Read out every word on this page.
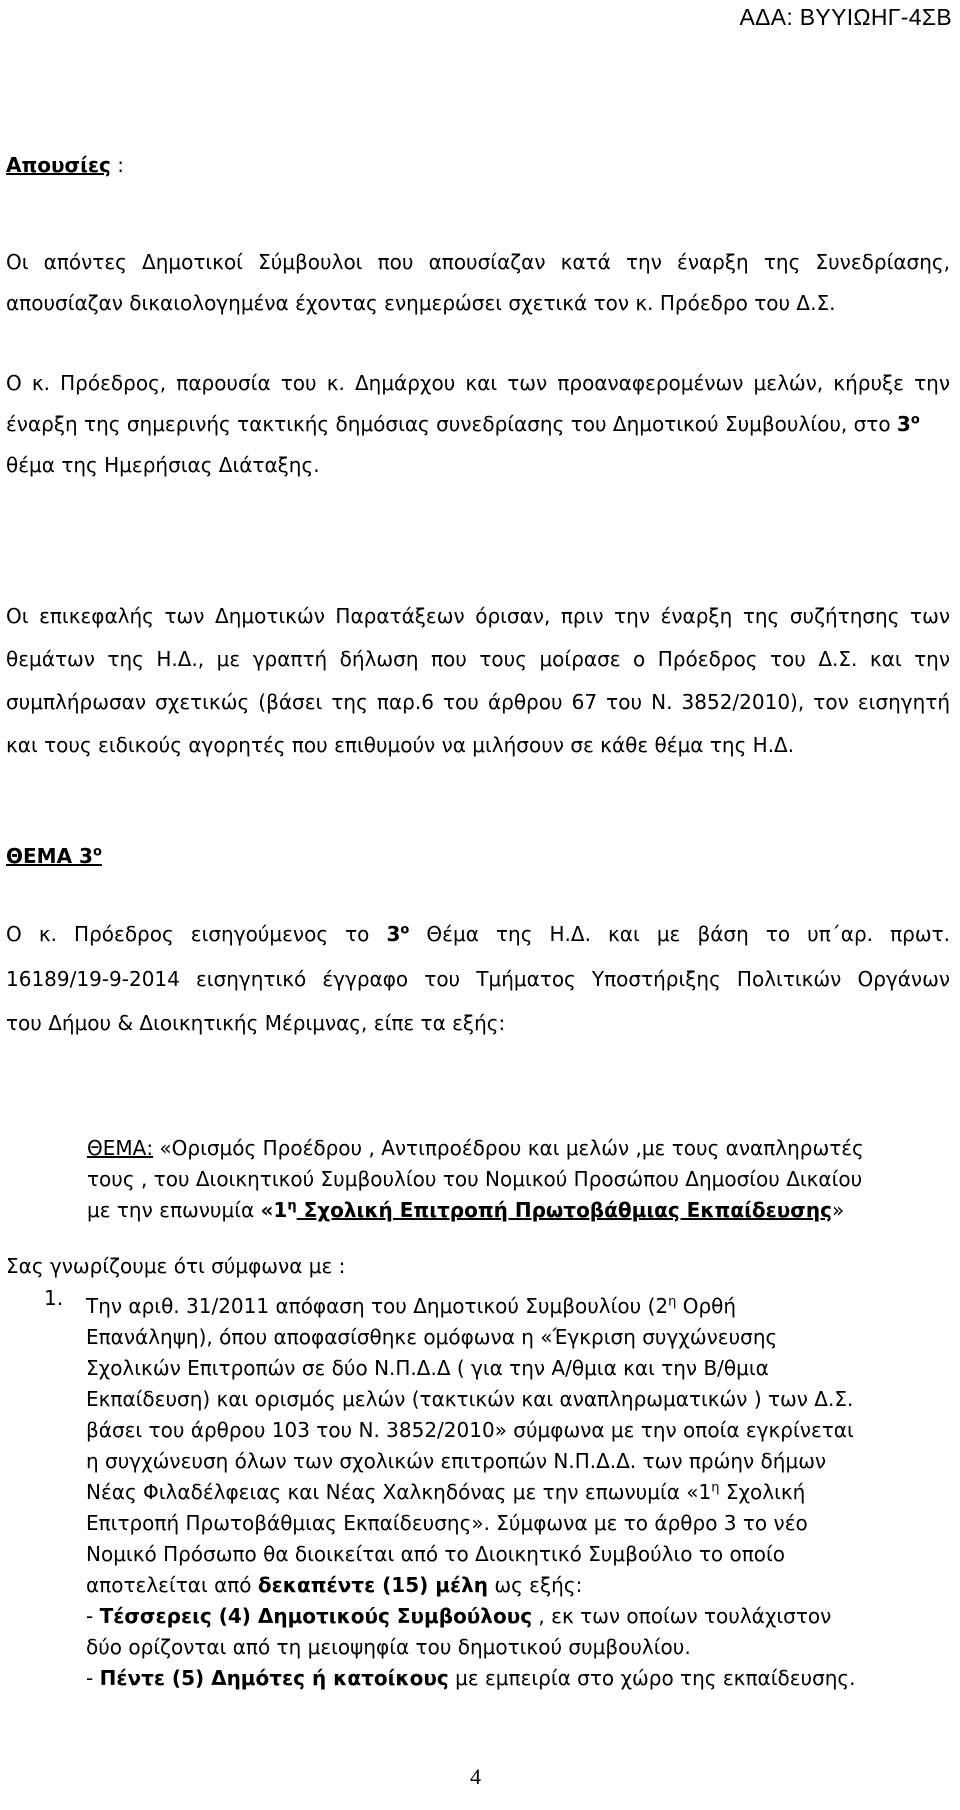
ΑΔΑ: ΒΥΥΙΩΗΓ-4ΣΒ
Απουσίες :
Οι απόντες Δημοτικοί Σύμβουλοι που απουσίαζαν κατά την έναρξη της Συνεδρίασης,
απουσίαζαν δικαιολογημένα έχοντας ενημερώσει σχετικά τον κ. Πρόεδρο του Δ.Σ.
Ο κ. Πρόεδρος, παρουσία του κ. Δημάρχου και των προαναφερομένων μελών, κήρυξε την
έναρξη της σημερινής τακτικής δημόσιας συνεδρίασης του Δημοτικού Συμβουλίου, στο $3^o$
θέμα της Ημερήσιας Διάταξης.
Οι επικεφαλής των Δημοτικών Παρατάξεων όρισαν, πριν την έναρξη της συζήτησης των
θεμάτων της Η.Δ., με γραπτή δήλωση που τους μοίρασε ο Πρόεδρος του Δ.Σ. και την
συμπλήρωσαν σχετικώς (βάσει της παρ.6 του άρθρου 67 του Ν. 3852/2010), τον εισηγητή
και τους ειδικούς αγορητές που επιθυμούν να μιλήσουν σε κάθε θέμα της Η.Δ.
ΘΕΜΑ $3^o$
Ο κ. Πρόεδρος εισηγούμενος το $3^o$ Θέμα της Η.Δ. και με βάση το υπ΄αρ. πρωτ.
16189/19-9-2014 εισηγητικό έγγραφο του Τμήματος Υποστήριξης Πολιτικών Οργάνων
του Δήμου & Διοικητικής Μέριμνας, είπε τα εξής:
ΘΕΜΑ: «Ορισμός Προέδρου , Αντιπροέδρου και μελών ,με τους αναπληρωτές
τους , του Διοικητικού Συμβουλίου του Νομικού Προσώπου Δημοσίου Δικαίου
με την επωνυμία «$1^\eta$ Σχολική Επιτροπή Πρωτοβάθμιας Εκπαίδευσης»
Σας γνωρίζουμε ότι σύμφωνα με :
1. Την αριθ. 31/2011 απόφαση του Δημοτικού Συμβουλίου ($2^\eta$ Ορθή
Επανάληψη), όπου αποφασίσθηκε ομόφωνα η «Έγκριση συγχώνευσης
Σχολικών Επιτροπών σε δύο Ν.Π.Δ.Δ ( για την Α/θμια και την Β/θμια
Εκπαίδευση) και ορισμός μελών (τακτικών και αναπληρωματικών ) των Δ.Σ.
βάσει του άρθρου 103 του Ν. 3852/2010» σύμφωνα με την οποία εγκρίνεται
η συγχώνευση όλων των σχολικών επιτροπών Ν.Π.Δ.Δ. των πρώην δήμων
Νέας Φιλαδέλφειας και Νέας Χαλκηδόνας με την επωνυμία «$1^\eta$ Σχολική
Επιτροπή Πρωτοβάθμιας Εκπαίδευσης». Σύμφωνα με το άρθρο 3 το νέο
Νομικό Πρόσωπο θα διοικείται από το Διοικητικό Συμβούλιο το οποίο
αποτελείται από δεκαπέντε (15) μέλη ως εξής:
- Τέσσερεις (4) Δημοτικούς Συμβούλους , εκ των οποίων τουλάχιστον
δύο ορίζονται από τη μειοψηφία του δημοτικού συμβουλίου.
- Πέντε (5) Δημότες ή κατοίκους με εμπειρία στο χώρο της εκπαίδευσης.
4
